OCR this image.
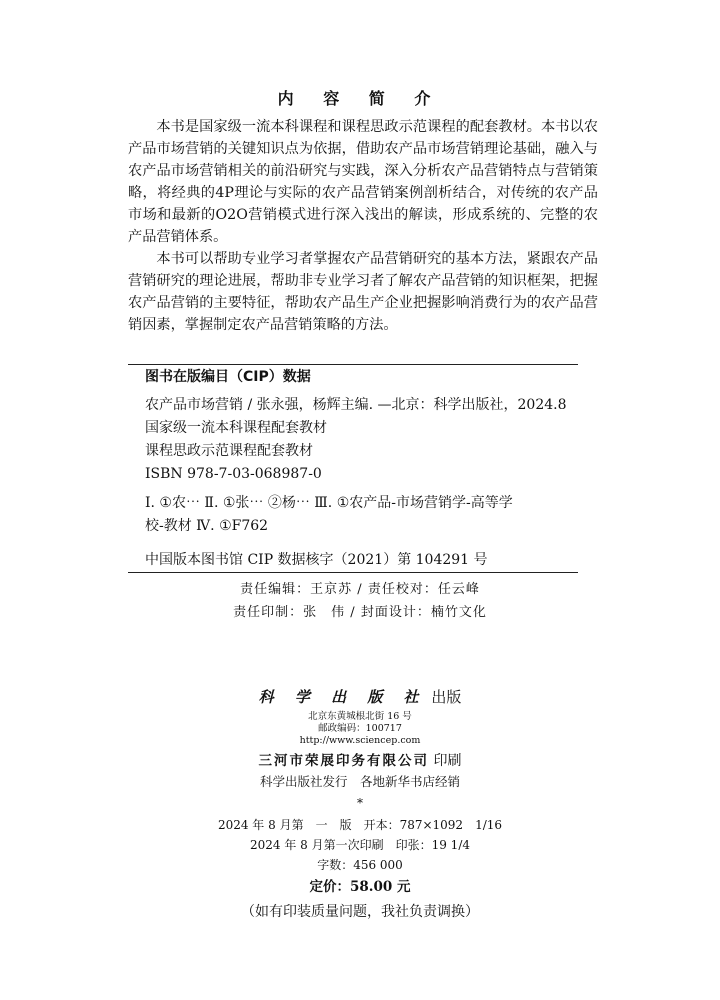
内 容 简 介

本书是国家级一流本科课程和课程思政示范课程的配套教材。本书以农产品市场营销的关键知识点为依据，借助农产品市场营销理论基础，融入与农产品市场营销相关的前沿研究与实践，深入分析农产品营销特点与营销策略，将经典的4P理论与实际的农产品营销案例剖析结合，对传统的农产品市场和最新的O2O营销模式进行深入浅出的解读，形成系统的、完整的农产品营销体系。

本书可以帮助专业学习者掌握农产品营销研究的基本方法，紧跟农产品营销研究的理论进展，帮助非专业学习者了解农产品营销的知识框架，把握农产品营销的主要特征，帮助农产品生产企业把握影响消费行为的农产品营销因素，掌握制定农产品营销策略的方法。

图书在版编目（CIP）数据
农产品市场营销 / 张永强，杨辉主编. —北京：科学出版社，2024.8
国家级一流本科课程配套教材
课程思政示范课程配套教材
ISBN 978-7-03-068987-0
Ⅰ. ①农⋯ Ⅱ. ①张⋯ ②杨⋯ Ⅲ. ①农产品-市场营销学-高等学
校-教材 Ⅳ. ①F762
中国版本图书馆 CIP 数据核字（2021）第 104291 号
责任编辑：王京苏 / 责任校对：任云峰
责任印制：张　伟 / 封面设计：楠竹文化
科 学 出 版 社 出版
北京东黄城根北街 16 号
邮政编码：100717
http://www.sciencep.com
三河市荣展印务有限公司 印刷
科学出版社发行　各地新华书店经销
*
2024 年 8 月第　一　版　开本：787×1092　1/16
2024 年 8 月第一次印刷　印张：19 1/4
字数：456 000
定价：58.00 元
（如有印装质量问题，我社负责调换）
